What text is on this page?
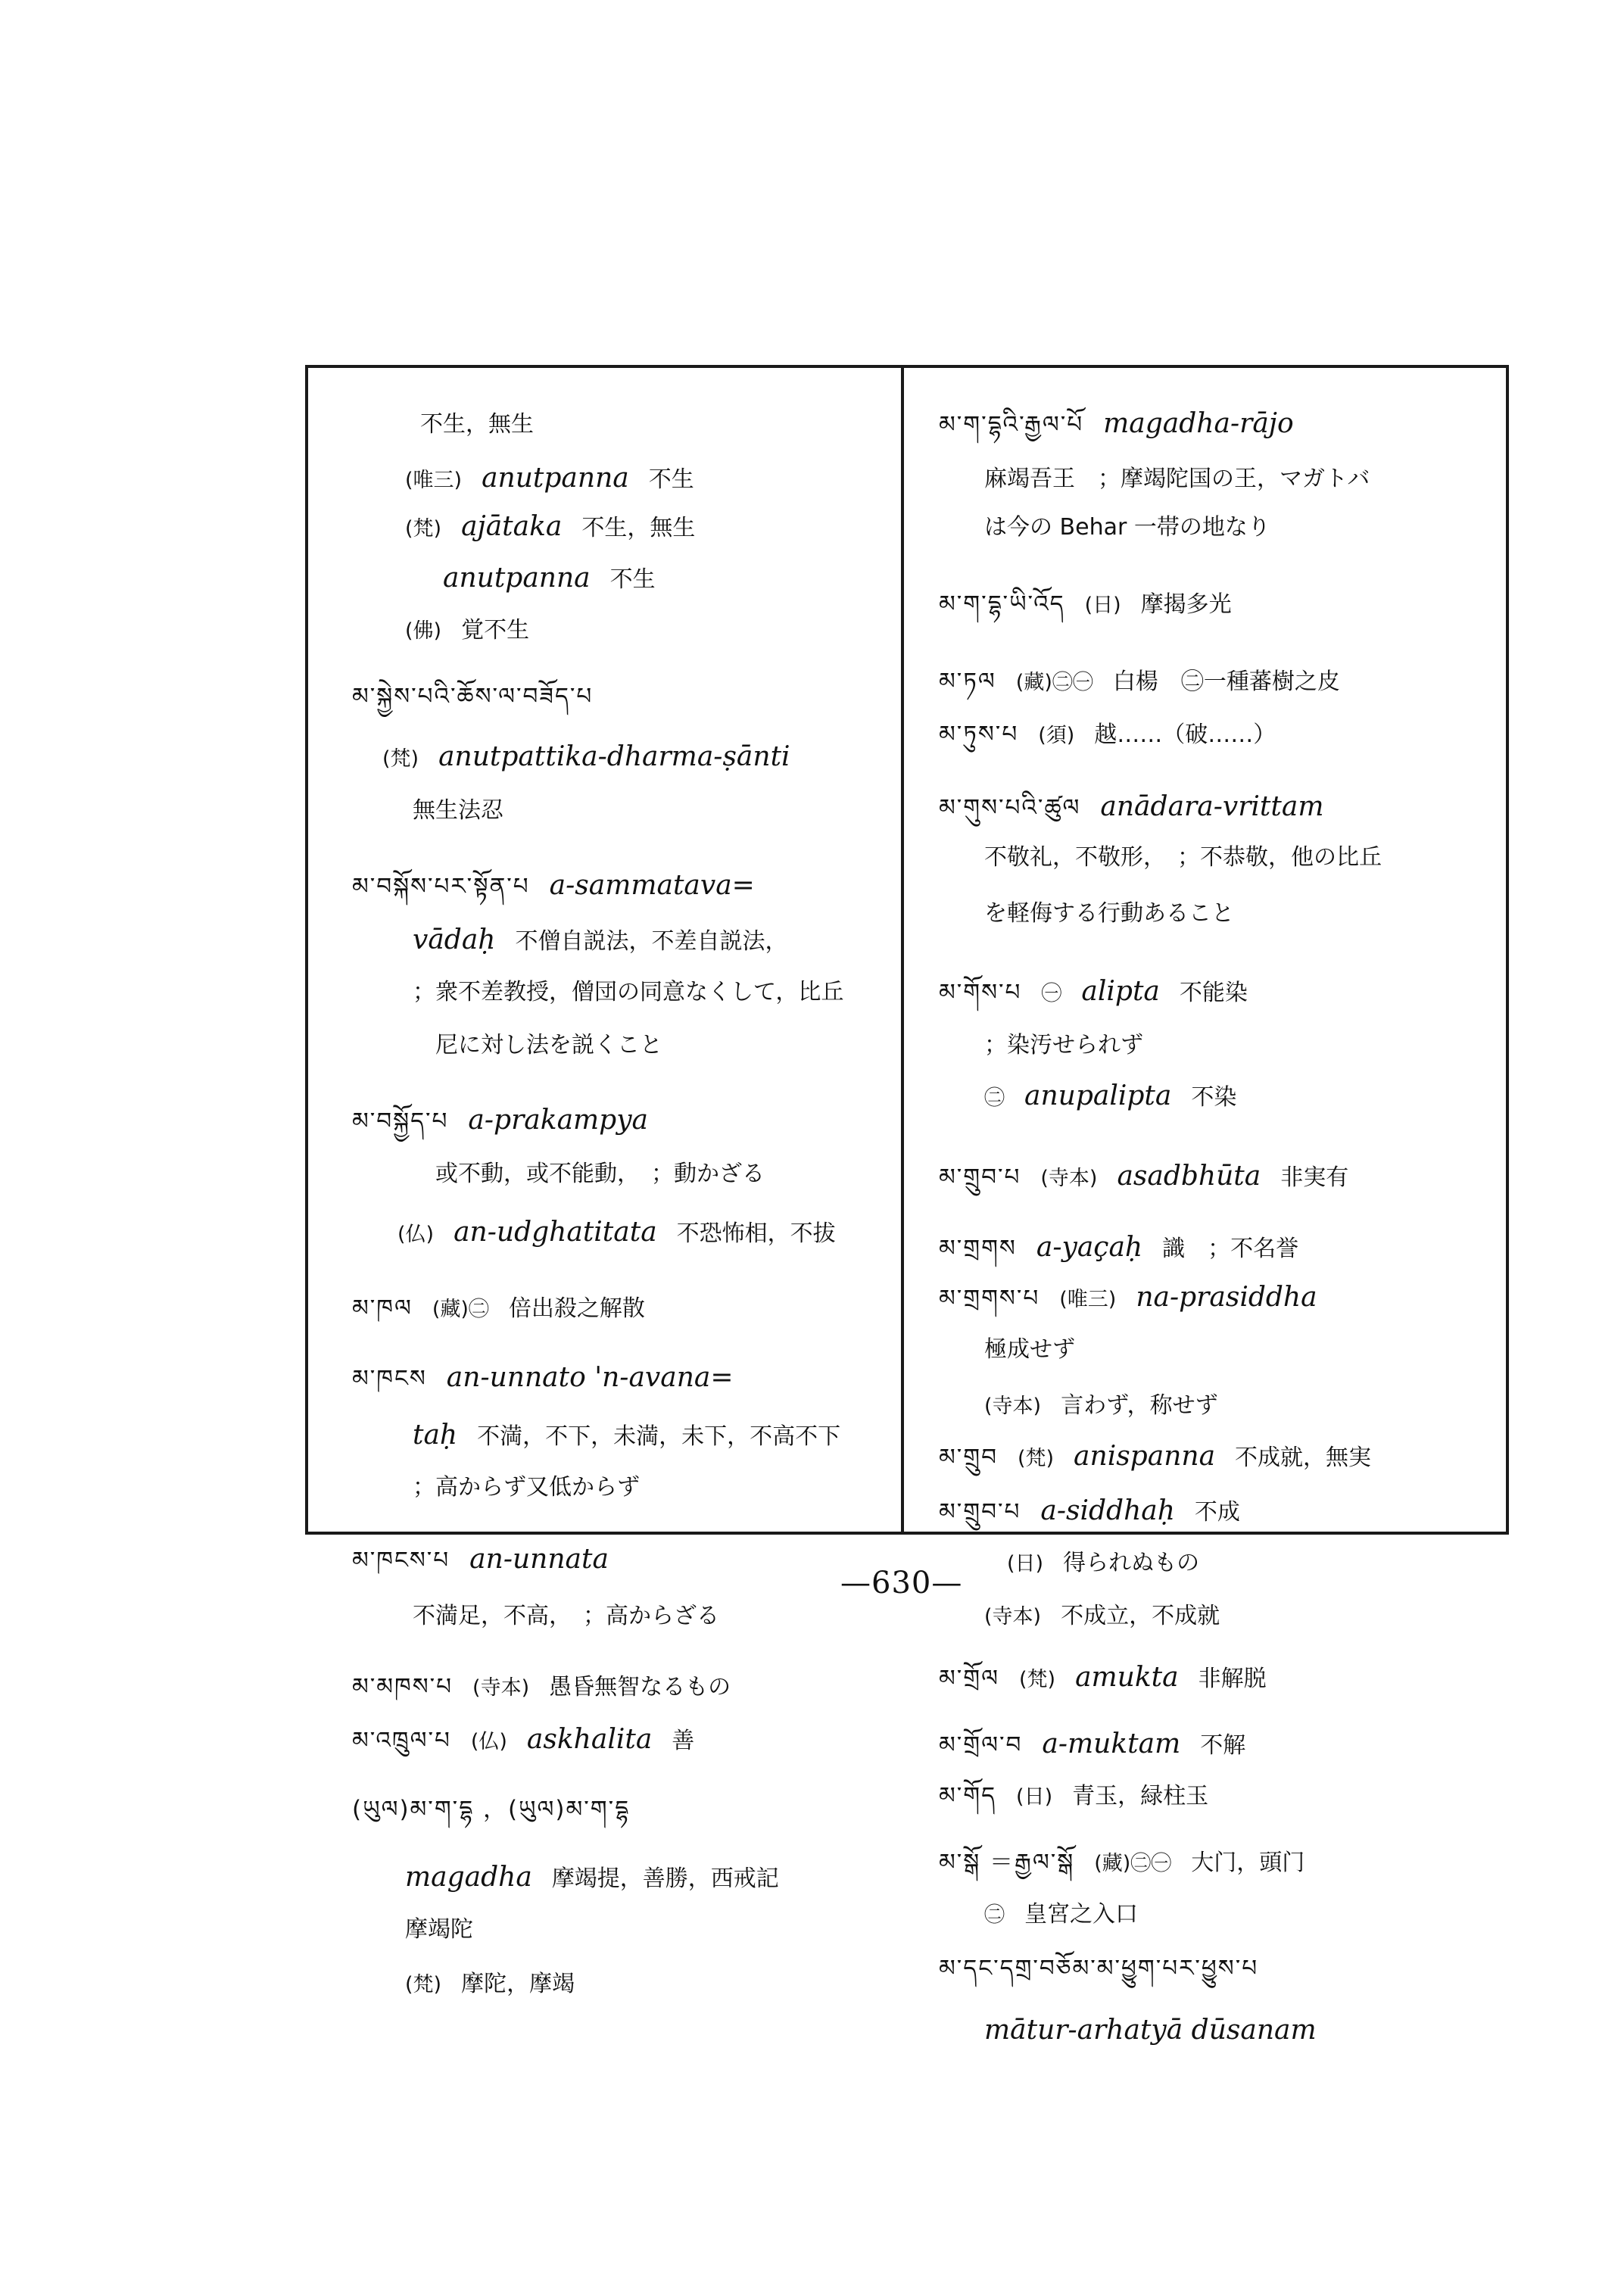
不生，無生
(唯三) anutpanna 不生
(梵) ajātaka 不生，無生
anutpanna 不生
(佛) 覚不生
མ་སྐྱེས་པའི་ཆོས་ལ་བཟོད་པ
(梵) anutpattika-dharma-ṣānti
無生法忍
མ་བསྐོས་པར་སྟོན་པ a-sammatava=
vādaḥ 不僧自説法，不差自説法，
；衆不差教授，僧団の同意なくして，比丘
尼に対し法を説くこと
མ་བསྐྱོད་པ a-prakampya
或不動，或不能動，　；動かざる
(仏) an-udghatitata 不恐怖相，不拔
མ་ཁལ (藏)㊁ 倍出殺之解散
མ་ཁངས an-unnato 'n-avana=
taḥ 不満，不下，未満，未下，不高不下
；高からず又低からず
མ་ཁངས་པ an-unnata
不満足，不高，　；高からざる
མ་མཁས་པ (寺本) 愚昏無智なるもの
མ་འཁྲུལ་པ (仏) askhalita 善
(ཡུལ)མ་ག་དྷ ，(ཡུལ)མ་ག་དྷ
magadha 摩竭提，善勝，西戒記
摩竭陀
(梵) 摩陀，摩竭
མ་ག་དྷའི་རྒྱལ་པོ magadha-rājo
麻竭吾王　；摩竭陀国の王，マガトバ
は今の Behar 一帯の地なり
མ་ག་དྷ་ཡི་འོད (日) 摩揭多光
མ་ཏལ (藏)㊁㊀ 白楊　㊁一種蕃樹之皮
མ་ཏུས་པ (須) 越……（破……）
མ་གུས་པའི་ཚུལ anādara-vrittam
不敬礼，不敬形，　；不恭敬，他の比丘
を軽侮する行動あること
མ་གོས་པ ㊀ alipta 不能染
；染汚せられず
㊁ anupalipta 不染
མ་གྲུབ་པ (寺本) asadbhūta 非実有
མ་གྲགས a-yaçaḥ 識　；不名誉
མ་གྲགས་པ (唯三) na-prasiddha
極成せず
(寺本) 言わず，称せず
མ་གྲུབ (梵) anispanna 不成就，無実
མ་གྲུབ་པ a-siddhaḥ 不成
(日) 得られぬもの
(寺本) 不成立，不成就
མ་གྲོལ (梵) amukta 非解脱
མ་གྲོལ་བ a-muktam 不解
མ་གོད (日) 青玉，緑柱玉
མ་སྒོ ＝རྒྱལ་སྒོ (藏)㊁㊀ 大门，頭门
㊁ 皇宮之入口
མ་དང་དགྲ་བཅོམ་མ་ཕྱུག་པར་ཕྱུས་པ
mātur-arhatyā dūsanam
—630—
